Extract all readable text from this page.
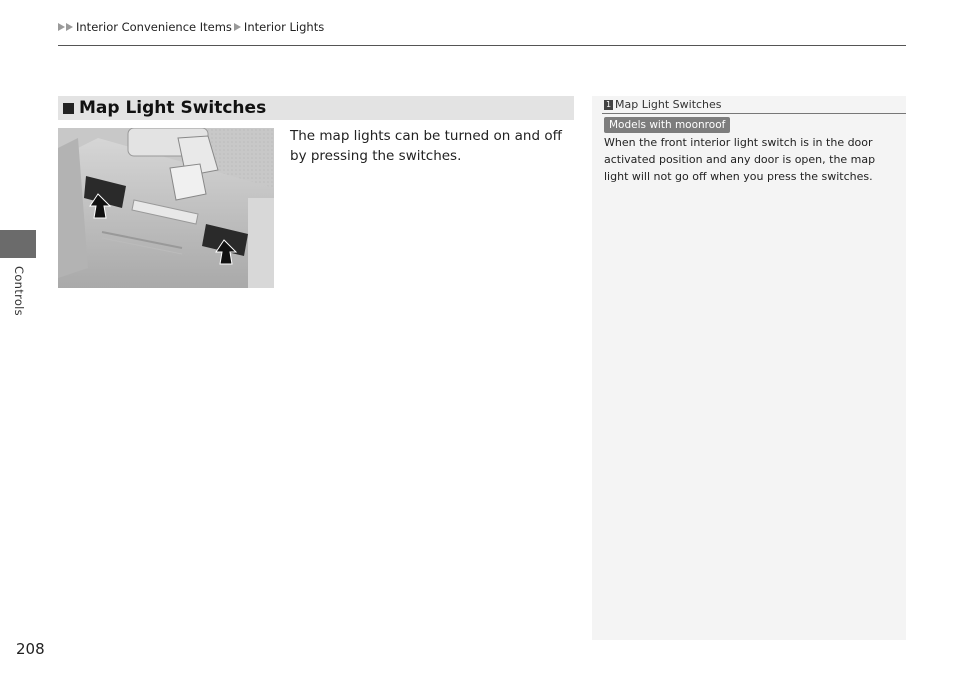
Interior Convenience Items Interior Lights
Controls
Map Light Switches
The map lights can be turned on and off by pressing the switches.
1 Map Light Switches
Models with moonroof
When the front interior light switch is in the door activated position and any door is open, the map light will not go off when you press the switches.
208
